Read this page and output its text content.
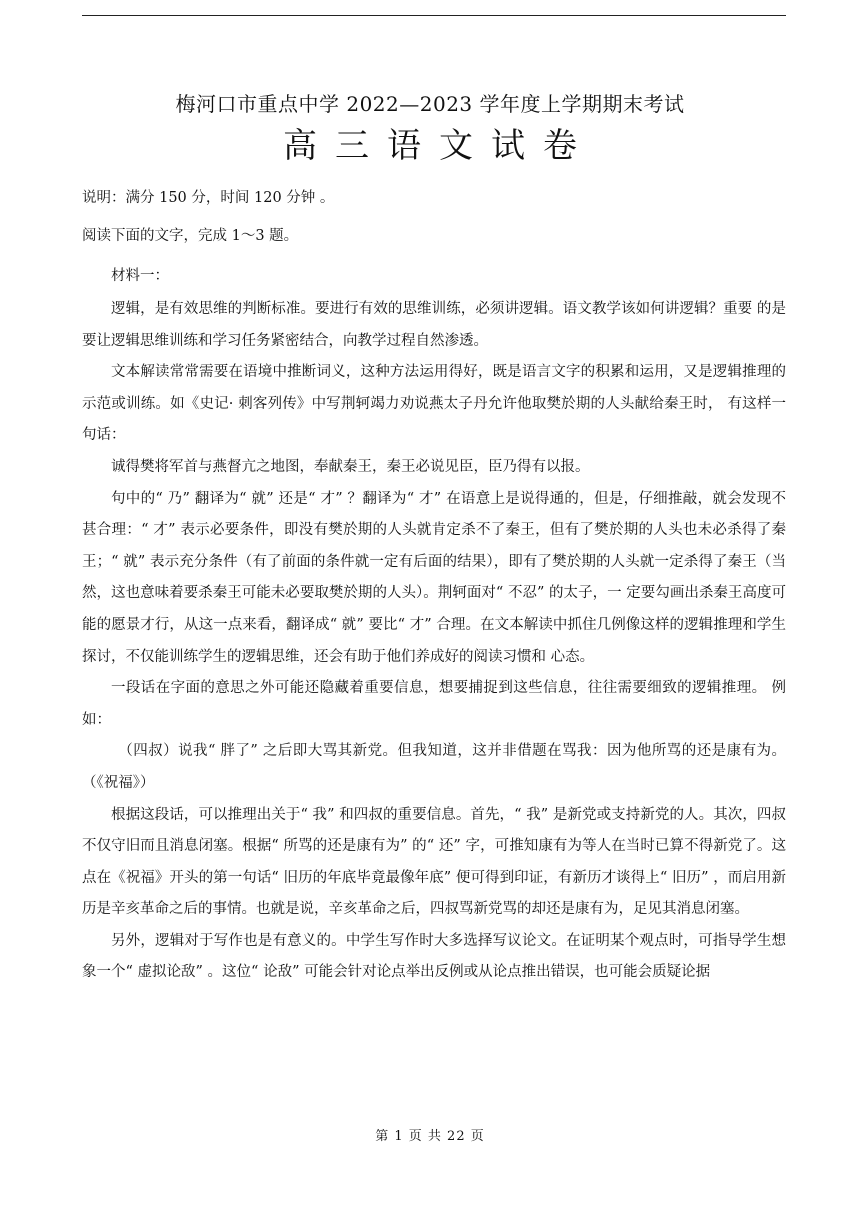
梅河口市重点中学 2022—2023 学年度上学期期末考试
高三语文试卷
说明：满分 150 分，时间 120 分钟 。
阅读下面的文字，完成 1～3 题。
材料一：

逻辑，是有效思维的判断标准。要进行有效的思维训练，必须讲逻辑。语文教学该如何讲逻辑？重要 的是要让逻辑思维训练和学习任务紧密结合，向教学过程自然渗透。

文本解读常常需要在语境中推断词义，这种方法运用得好，既是语言文字的积累和运用，又是逻辑推理的示范或训练。如《史记· 刺客列传》中写荆轲竭力劝说燕太子丹允许他取樊於期的人头献给秦王时， 有这样一句话：

诚得樊将军首与燕督亢之地图，奉献秦王，秦王必说见臣，臣乃得有以报。

句中的“ 乃” 翻译为“ 就” 还是“ 才” ？翻译为“ 才” 在语意上是说得通的，但是，仔细推敲，就会发现不甚合理：“ 才” 表示必要条件，即没有樊於期的人头就肯定杀不了秦王，但有了樊於期的人头也未必杀得了秦王；“ 就” 表示充分条件（有了前面的条件就一定有后面的结果），即有了樊於期的人头就一定杀得了秦王（当然，这也意味着要杀秦王可能未必要取樊於期的人头）。荆轲面对“ 不忍” 的太子，一 定要勾画出杀秦王高度可能的愿景才行，从这一点来看，翻译成“ 就” 要比“ 才” 合理。在文本解读中抓住几例像这样的逻辑推理和学生探讨，不仅能训练学生的逻辑思维，还会有助于他们养成好的阅读习惯和 心态。

一段话在字面的意思之外可能还隐藏着重要信息，想要捕捉到这些信息，往往需要细致的逻辑推理。 例如：

（四叔）说我“ 胖了” 之后即大骂其新党。但我知道，这并非借题在骂我：因为他所骂的还是康有为。（《祝福》）

根据这段话，可以推理出关于“ 我” 和四叔的重要信息。首先，“ 我” 是新党或支持新党的人。其次，四叔不仅守旧而且消息闭塞。根据“ 所骂的还是康有为” 的“ 还” 字，可推知康有为等人在当时已算不得新党了。这点在《祝福》开头的第一句话“ 旧历的年底毕竟最像年底” 便可得到印证，有新历才谈得上“ 旧历” ，而启用新历是辛亥革命之后的事情。也就是说，辛亥革命之后，四叔骂新党骂的却还是康有为，足见其消息闭塞。

另外，逻辑对于写作也是有意义的。中学生写作时大多选择写议论文。在证明某个观点时，可指导学生想象一个“ 虚拟论敌” 。这位“ 论敌” 可能会针对论点举出反例或从论点推出错误，也可能会质疑论据

第 1 页 共 22 页
